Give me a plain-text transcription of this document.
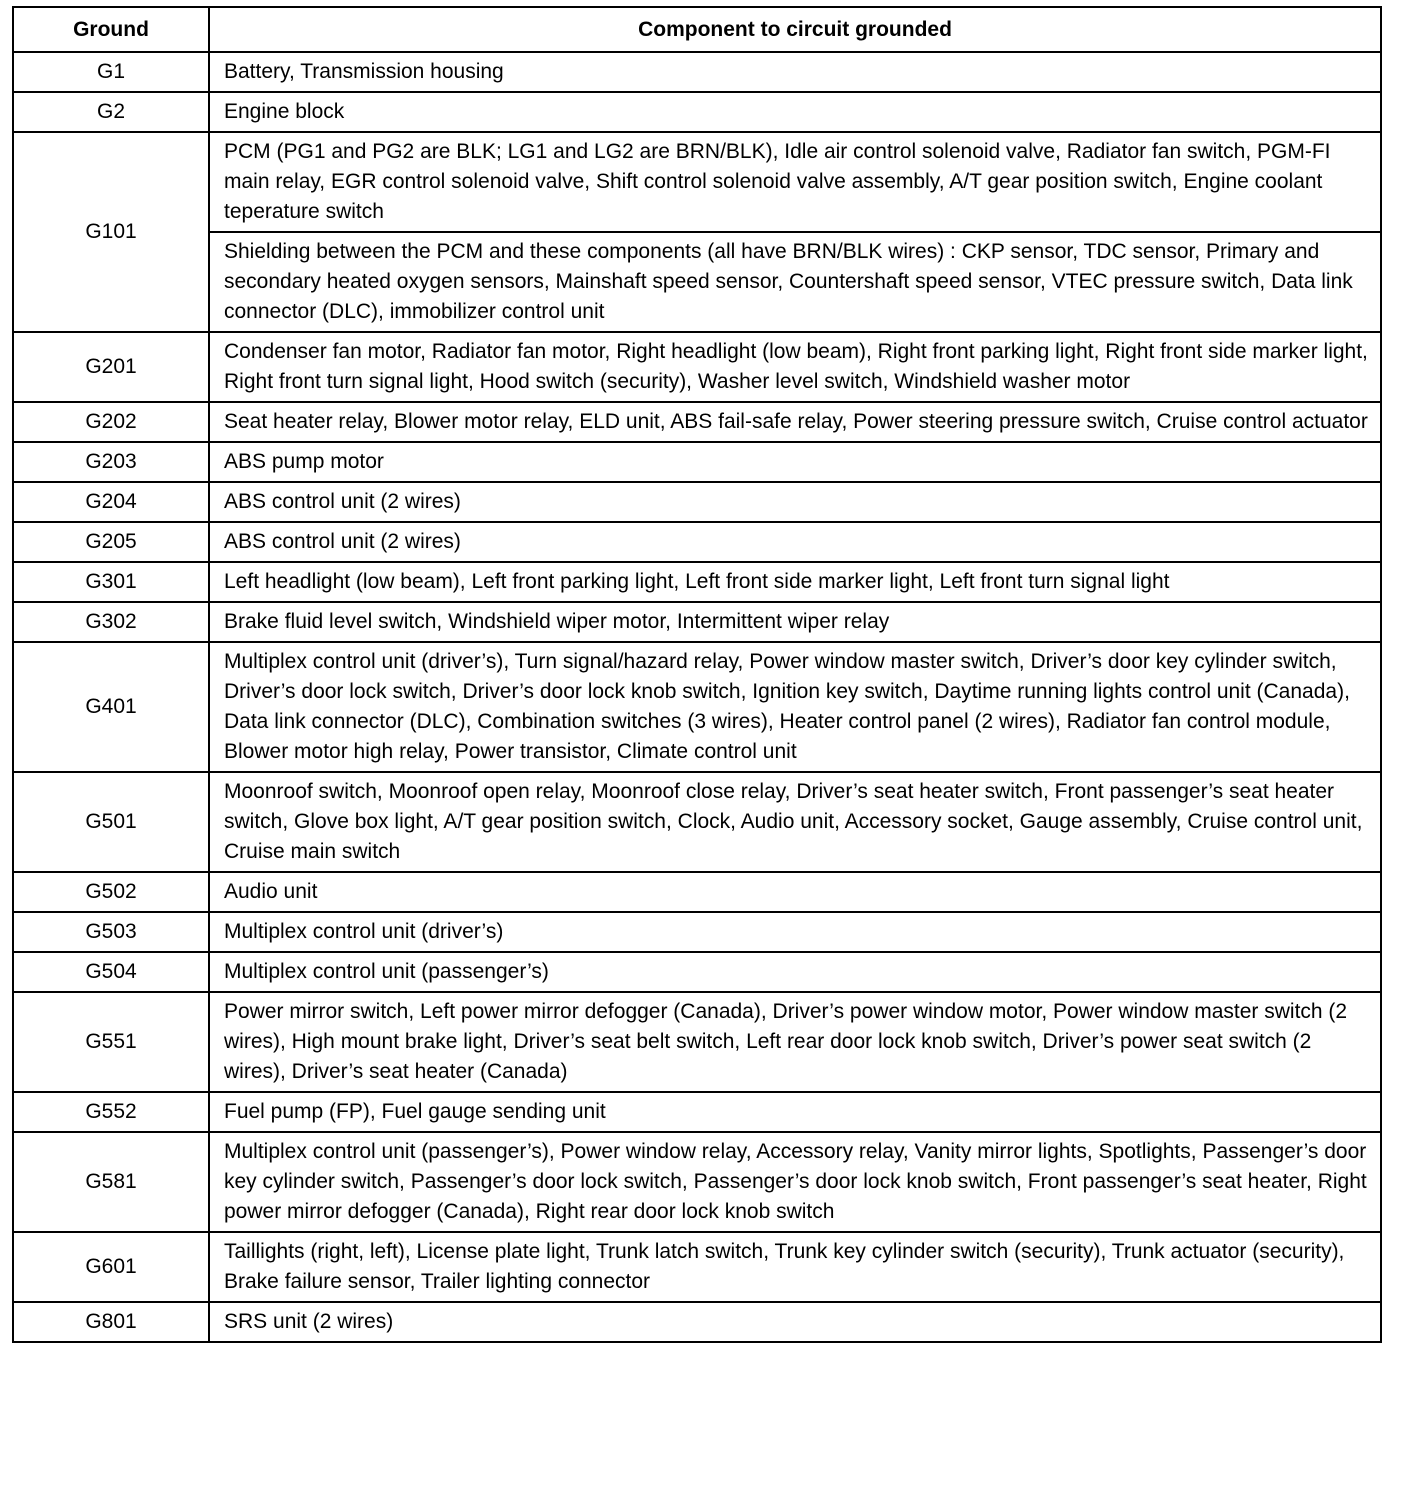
Ground	Component to circuit grounded
G1	Battery, Transmission housing
G2	Engine block
G101	PCM (PG1 and PG2 are BLK; LG1 and LG2 are BRN/BLK), Idle air control solenoid valve, Radiator fan switch, PGM-FI main relay, EGR control solenoid valve, Shift control solenoid valve assembly, A/T gear position switch, Engine coolant teperature switch
	Shielding between the PCM and these components (all have BRN/BLK wires) : CKP sensor, TDC sensor, Primary and secondary heated oxygen sensors, Mainshaft speed sensor, Countershaft speed sensor, VTEC pressure switch, Data link connector (DLC), immobilizer control unit
G201	Condenser fan motor, Radiator fan motor, Right headlight (low beam), Right front parking light, Right front side marker light, Right front turn signal light, Hood switch (security), Washer level switch, Windshield washer motor
G202	Seat heater relay, Blower motor relay, ELD unit, ABS fail-safe relay, Power steering pressure switch, Cruise control actuator
G203	ABS pump motor
G204	ABS control unit (2 wires)
G205	ABS control unit (2 wires)
G301	Left headlight (low beam), Left front parking light, Left front side marker light, Left front turn signal light
G302	Brake fluid level switch, Windshield wiper motor, Intermittent wiper relay
G401	Multiplex control unit (driver’s), Turn signal/hazard relay, Power window master switch, Driver’s door key cylinder switch, Driver’s door lock switch, Driver’s door lock knob switch, Ignition key switch, Daytime running lights control unit (Canada), Data link connector (DLC), Combination switches (3 wires), Heater control panel (2 wires), Radiator fan control module, Blower motor high relay, Power transistor, Climate control unit
G501	Moonroof switch, Moonroof open relay, Moonroof close relay, Driver’s seat heater switch, Front passenger’s seat heater switch, Glove box light, A/T gear position switch, Clock, Audio unit, Accessory socket, Gauge assembly, Cruise control unit, Cruise main switch
G502	Audio unit
G503	Multiplex control unit (driver’s)
G504	Multiplex control unit (passenger’s)
G551	Power mirror switch, Left power mirror defogger (Canada), Driver’s power window motor, Power window master switch (2 wires), High mount brake light, Driver’s seat belt switch, Left rear door lock knob switch, Driver’s power seat switch (2 wires), Driver’s seat heater (Canada)
G552	Fuel pump (FP), Fuel gauge sending unit
G581	Multiplex control unit (passenger’s), Power window relay, Accessory relay, Vanity mirror lights, Spotlights, Passenger’s door key cylinder switch, Passenger’s door lock switch, Passenger’s door lock knob switch, Front passenger’s seat heater, Right power mirror defogger (Canada), Right rear door lock knob switch
G601	Taillights (right, left), License plate light, Trunk latch switch, Trunk key cylinder switch (security), Trunk actuator (security), Brake failure sensor, Trailer lighting connector
G801	SRS unit (2 wires)
